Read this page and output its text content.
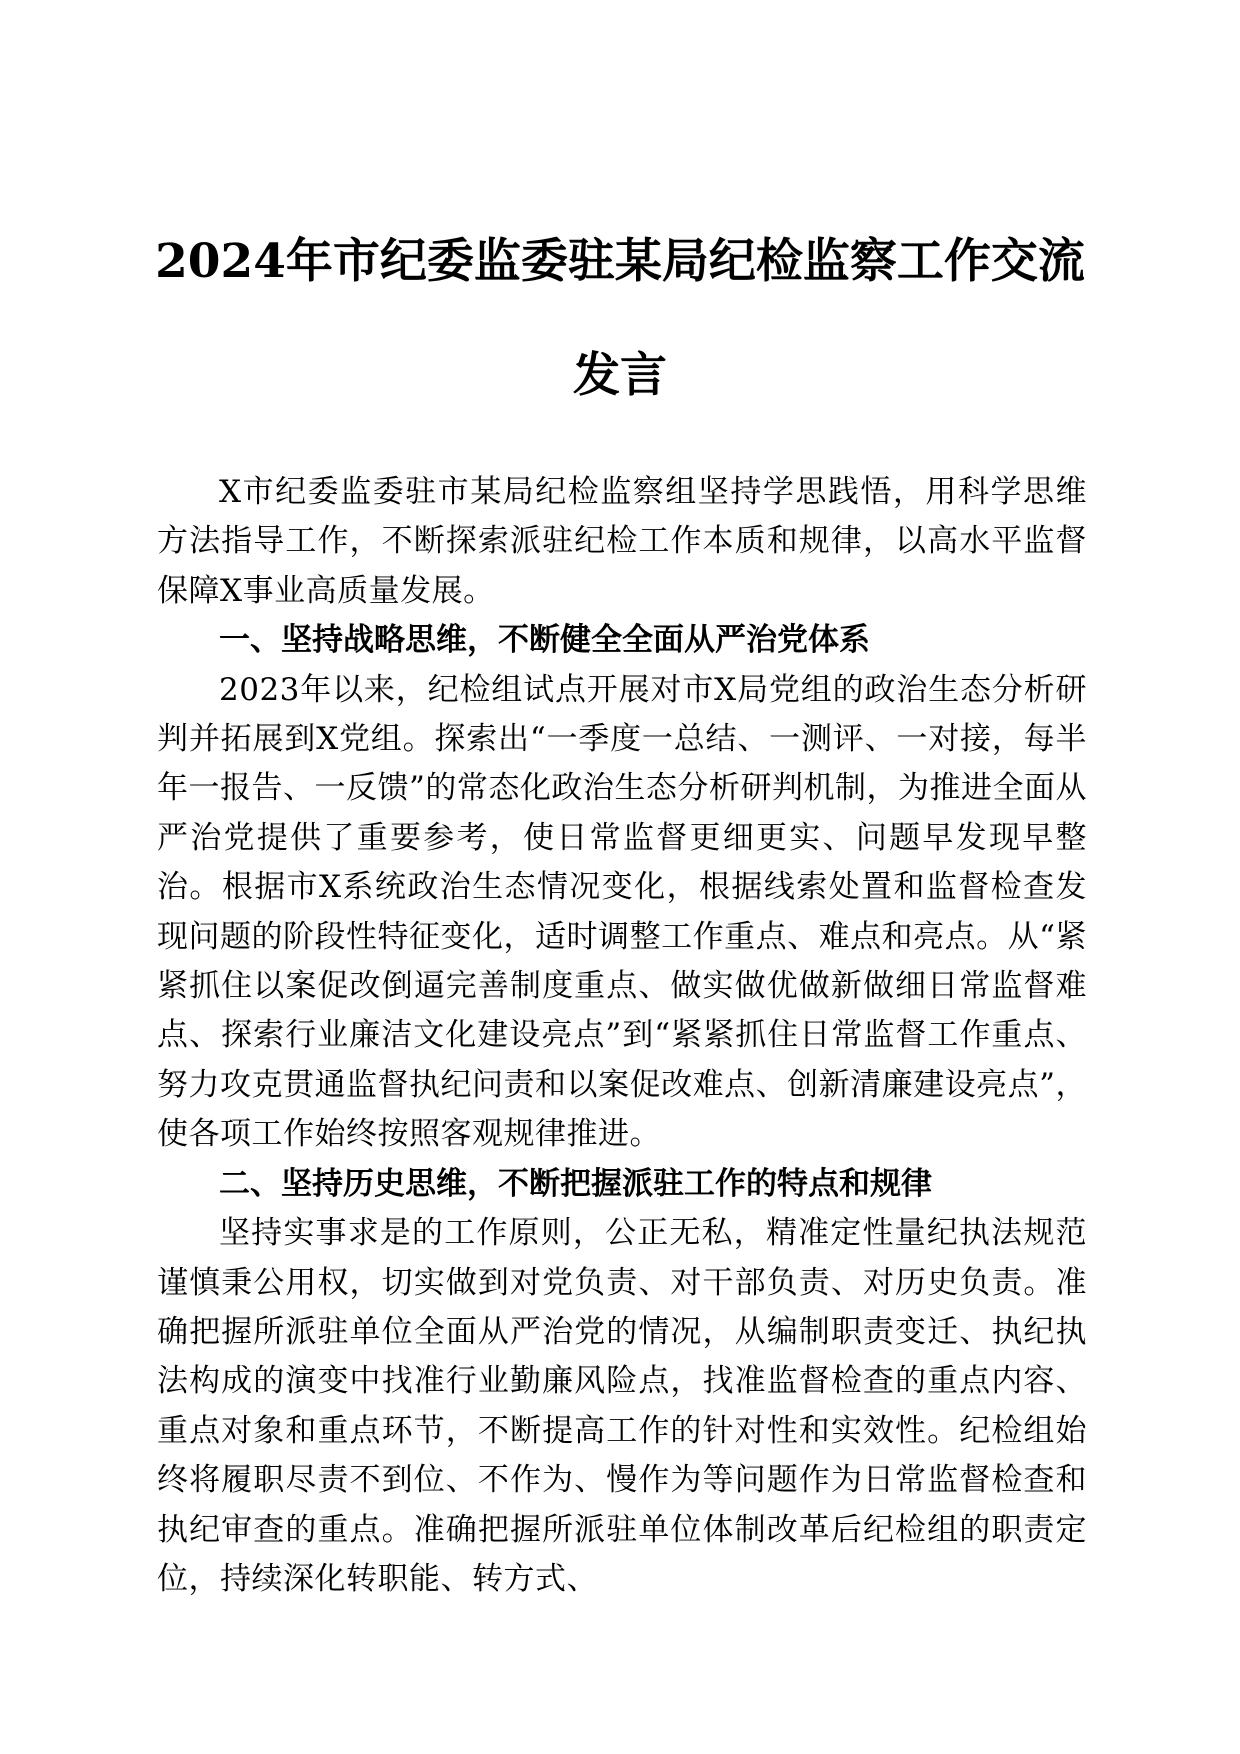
2024年市纪委监委驻某局纪检监察工作交流
发言

X市纪委监委驻市某局纪检监察组坚持学思践悟，用科学思维方法指导工作，不断探索派驻纪检工作本质和规律，以高水平监督保障X事业高质量发展。

一、坚持战略思维，不断健全全面从严治党体系

2023年以来，纪检组试点开展对市X局党组的政治生态分析研判并拓展到X党组。探索出“一季度一总结、一测评、一对接，每半年一报告、一反馈”的常态化政治生态分析研判机制，为推进全面从严治党提供了重要参考，使日常监督更细更实、问题早发现早整治。根据市X系统政治生态情况变化，根据线索处置和监督检查发现问题的阶段性特征变化，适时调整工作重点、难点和亮点。从“紧紧抓住以案促改倒逼完善制度重点、做实做优做新做细日常监督难点、探索行业廉洁文化建设亮点”到“紧紧抓住日常监督工作重点、努力攻克贯通监督执纪问责和以案促改难点、创新清廉建设亮点”，使各项工作始终按照客观规律推进。

二、坚持历史思维，不断把握派驻工作的特点和规律

坚持实事求是的工作原则，公正无私，精准定性量纪执法规范谨慎秉公用权，切实做到对党负责、对干部负责、对历史负责。准确把握所派驻单位全面从严治党的情况，从编制职责变迁、执纪执法构成的演变中找准行业勤廉风险点，找准监督检查的重点内容、重点对象和重点环节，不断提高工作的针对性和实效性。纪检组始终将履职尽责不到位、不作为、慢作为等问题作为日常监督检查和执纪审查的重点。准确把握所派驻单位体制改革后纪检组的职责定位，持续深化转职能、转方式、
